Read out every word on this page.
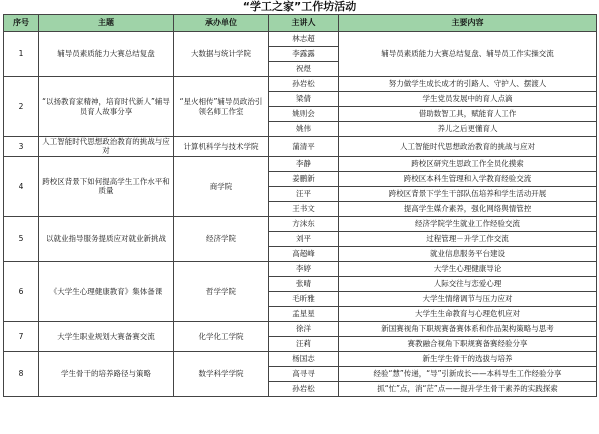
“学工之家”工作坊活动
序号	主题	承办单位	主讲人	主要内容
1	辅导员素质能力大赛总结复盘	大数据与统计学院	林志超	辅导员素质能力大赛总结复盘、辅导员工作实操交流
			李露露	
			祝煜	
2	“以扬教育家精神，培育时代新人”辅导员育人故事分享	“星火相传”辅导员政治引领名师工作室	孙岩松	努力做学生成长成才的引路人、守护人、摆渡人
			梁倩	学生党员发展中的育人点滴
			姚则会	借助数智工具，赋能育人工作
			姚伟	养儿之后更懂育人
3	人工智能时代思想政治教育的挑战与应对	计算机科学与技术学院	蒲清平	人工智能时代思想政治教育的挑战与应对
4	跨校区背景下如何提高学生工作水平和质量	商学院	李静	跨校区研究生思政工作全员化摸索
			姜鹏新	跨校区本科生管理和入学教育经验交流
			汪平	跨校区背景下学生干部队伍培养和学生活动开展
			王书文	提高学生媒介素养，强化网络舆情管控
5	以就业指导服务提质应对就业新挑战	经济学院	方沫东	经济学院学生就业工作经验交流
			刘平	过程管理－升学工作交流
			高超峰	就业信息服务平台建设
6	《大学生心理健康教育》集体备课	哲学学院	李婷	大学生心理健康导论
			张晴	人际交往与恋爱心理
			毛昕雅	大学生情绪调节与压力应对
			孟星星	大学生生命教育与心理危机应对
7	大学生职业规划大赛备赛交流	化学化工学院	徐洋	新国赛视角下职规赛备赛体系和作品架构策略与思考
			汪莉	赛教融合视角下职规赛备赛经验分享
8	学生骨干的培养路径与策略	数学科学学院	杨国志	新生学生骨干的选拔与培养
			高寻寻	经验“慧”传递，“导”引新成长——本科导生工作经验分享
			孙岩松	抓“忙”点，消“茫”点——提升学生骨干素养的实践探索
